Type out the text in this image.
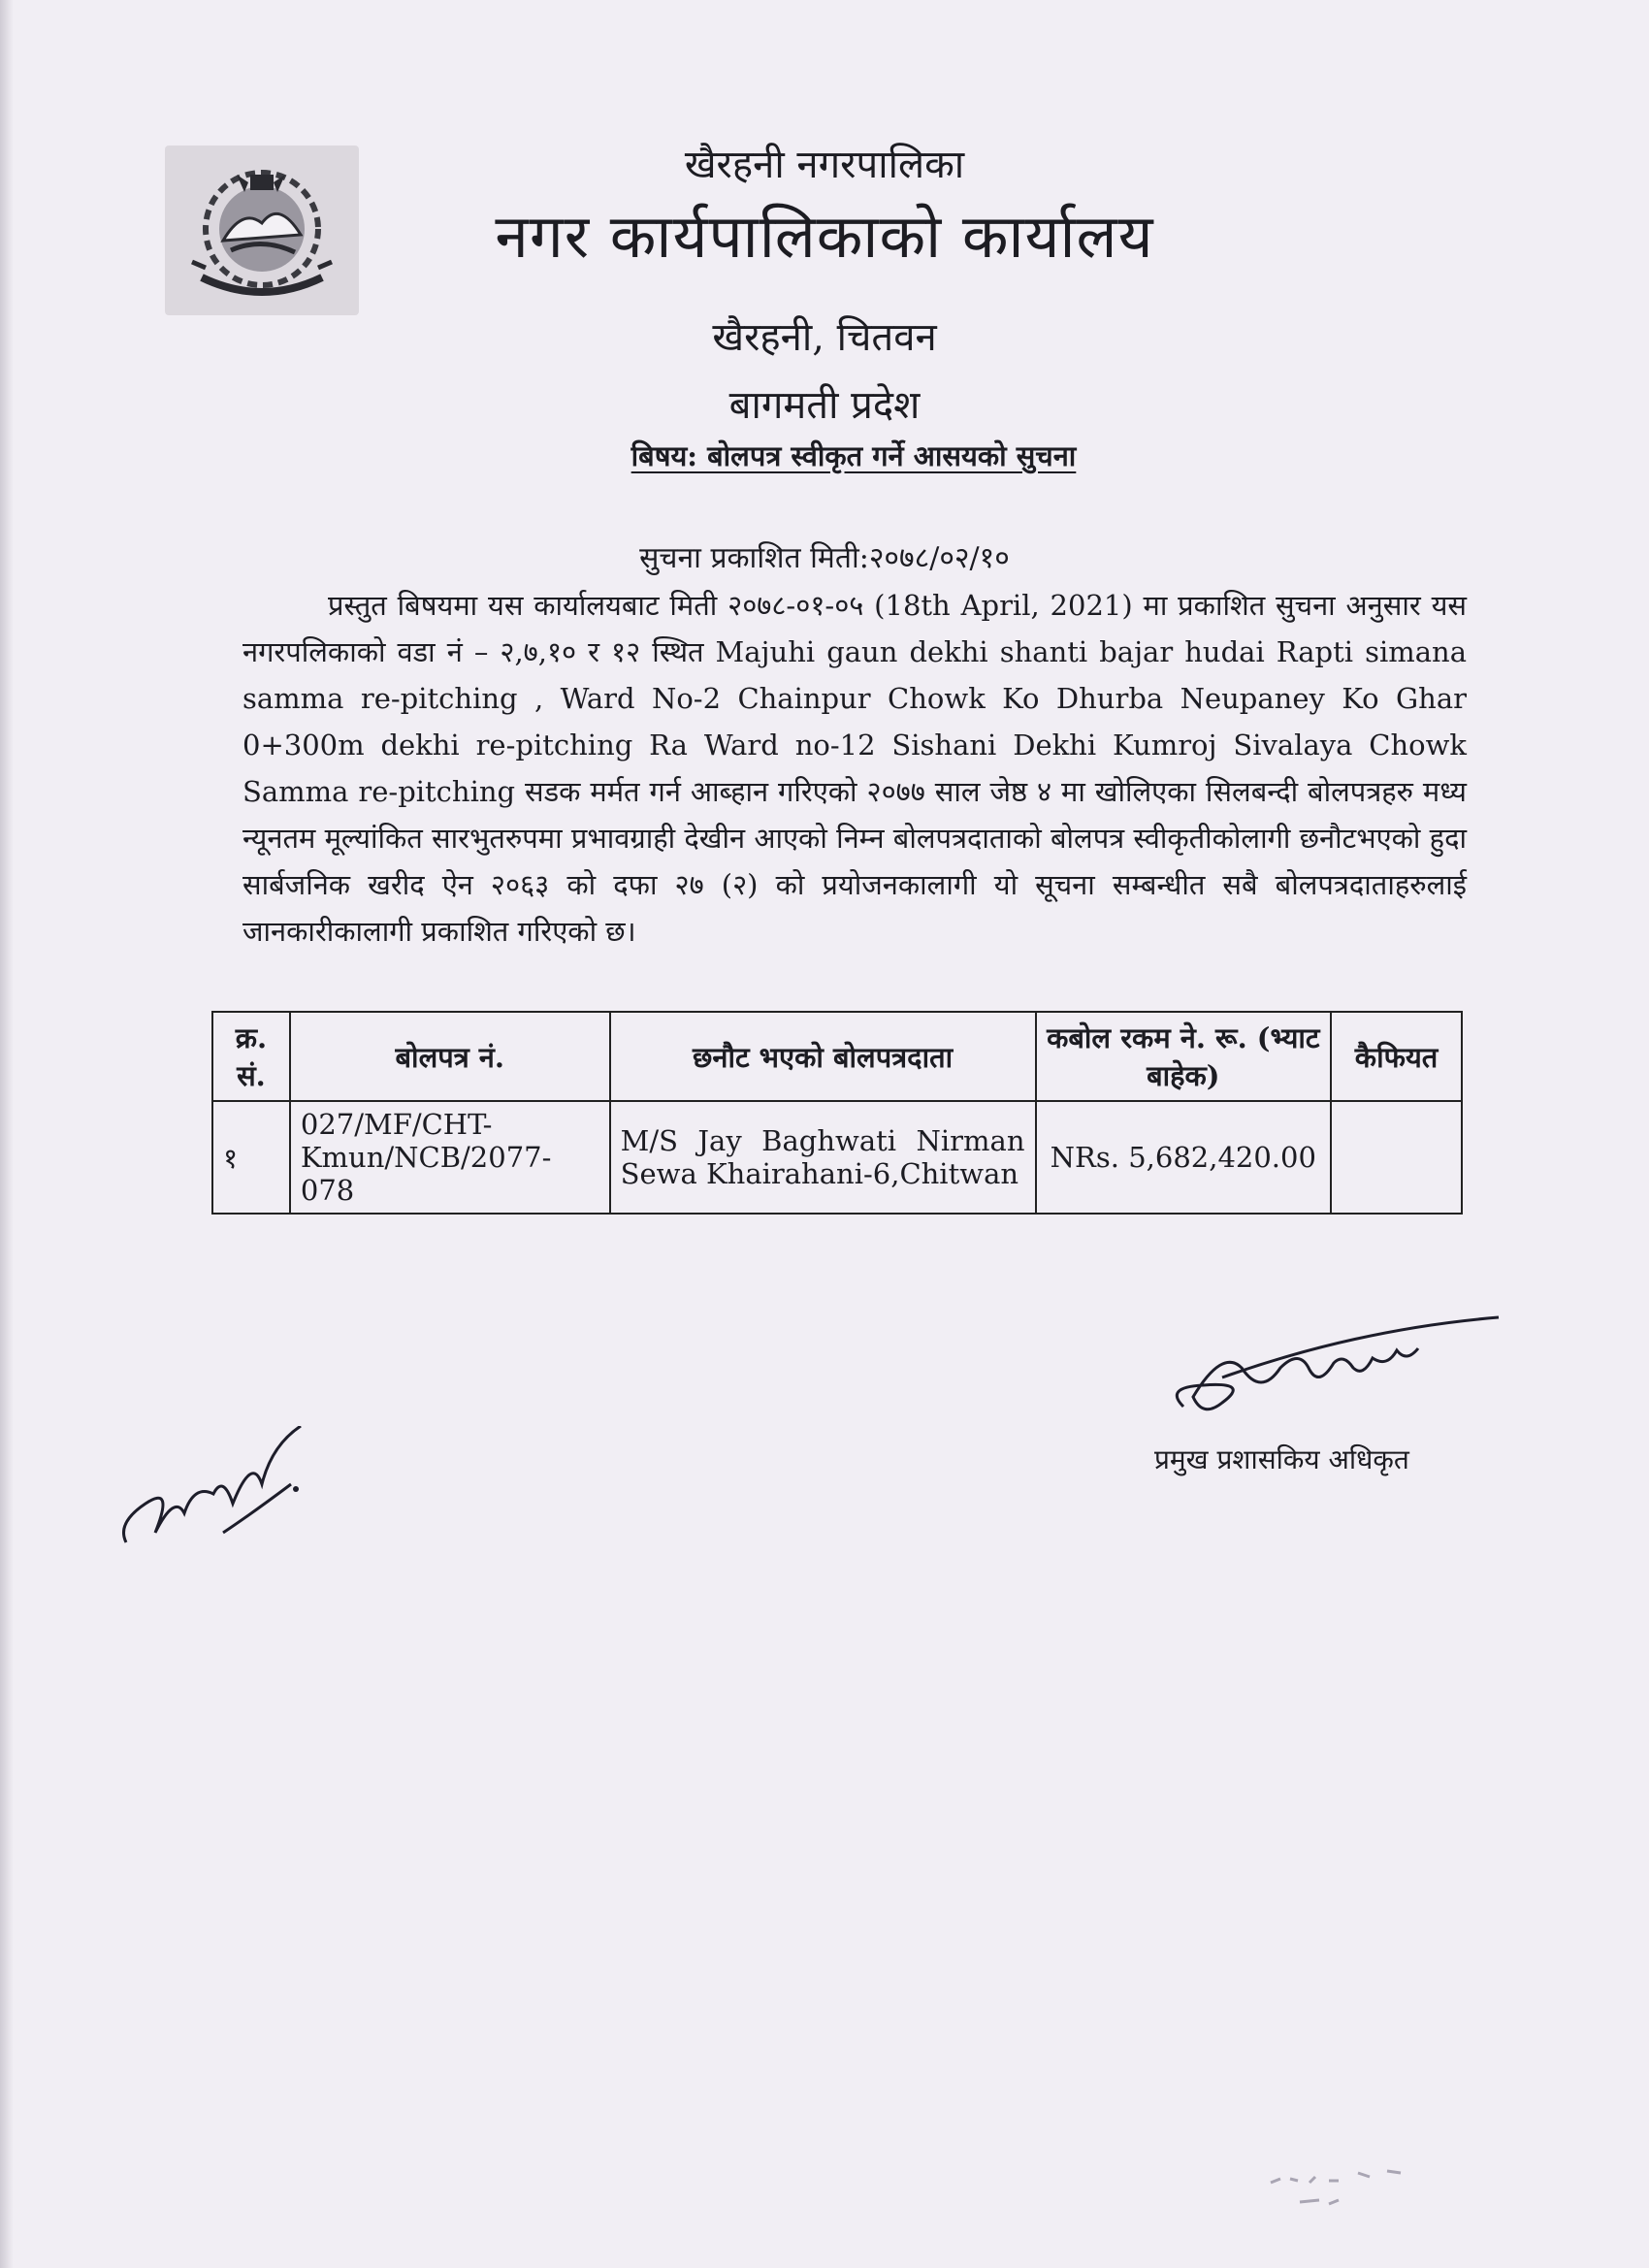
खैरहनी नगरपालिका
नगर कार्यपालिकाको कार्यालय
खैरहनी, चितवन
बागमती प्रदेश
बिषय: बोलपत्र स्वीकृत गर्ने आसयको सुचना
सुचना प्रकाशित मिती:२०७८/०२/१०
प्रस्तुत बिषयमा यस कार्यालयबाट मिती २०७८-०१-०५ (18th April, 2021) मा प्रकाशित सुचना अनुसार यस नगरपलिकाको वडा नं – २,७,१० र १२ स्थित Majuhi gaun dekhi shanti bajar hudai Rapti simana samma re-pitching , Ward No-2 Chainpur Chowk Ko Dhurba Neupaney Ko Ghar 0+300m dekhi re-pitching Ra Ward no-12 Sishani Dekhi Kumroj Sivalaya Chowk Samma re-pitching सडक मर्मत गर्न आब्हान गरिएको २०७७ साल जेष्ठ ४ मा खोलिएका सिलबन्दी बोलपत्रहरु मध्य न्यूनतम मूल्यांकित सारभुतरुपमा प्रभावग्राही देखीन आएको निम्न बोलपत्रदाताको बोलपत्र स्वीकृतीकोलागी छनौटभएको हुदा सार्बजनिक खरीद ऐन २०६३ को दफा २७ (२) को प्रयोजनकालागी यो सूचना सम्बन्धीत सबै बोलपत्रदाताहरुलाई जानकारीकालागी प्रकाशित गरिएको छ।
क्र. सं.	बोलपत्र नं.	छनौट भएको बोलपत्रदाता	कबोल रकम ने. रू. (भ्याट बाहेक)	कैफियत
१	027/MF/CHT-Kmun/NCB/2077-078	M/S Jay Baghwati Nirman Sewa Khairahani-6,Chitwan	NRs. 5,682,420.00	
प्रमुख प्रशासकिय अधिकृत
